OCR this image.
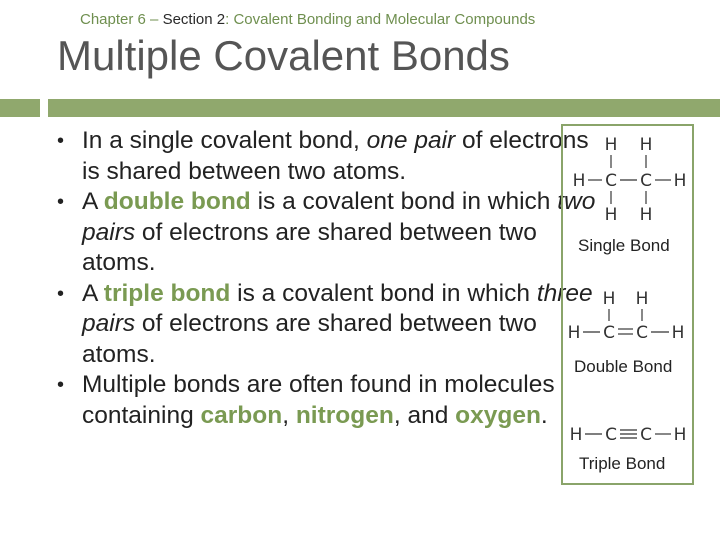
Chapter 6 – Section 2: Covalent Bonding and Molecular Compounds
Multiple Covalent Bonds
• In a single covalent bond, one pair of electrons is shared between two atoms.
• A double bond is a covalent bond in which two pairs of electrons are shared between two atoms.
• A triple bond is a covalent bond in which three pairs of electrons are shared between two atoms.
• Multiple bonds are often found in molecules containing carbon, nitrogen, and oxygen.
H H
H C C H
H H
Single Bond
H H
H C C H
Double Bond
H C C H
Triple Bond
